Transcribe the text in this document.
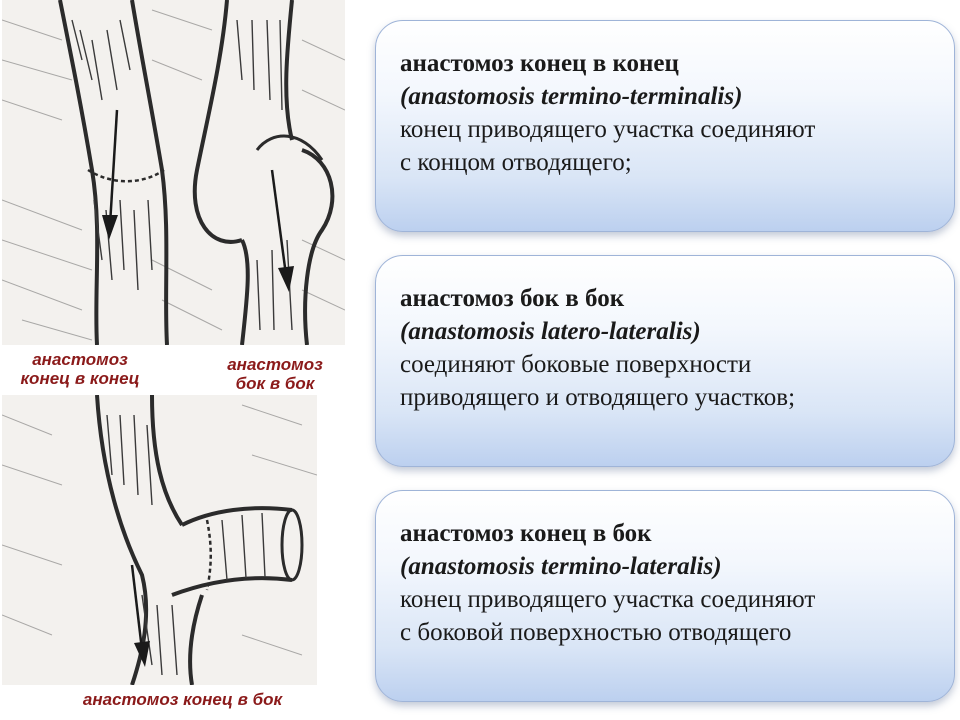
анастомоз
конец в конец
анастомоз
бок в бок
анастомоз конец в бок

анастомоз конец в конец

(anastomosis termino-terminalis)

конец приводящего участка соединяют

с концом отводящего;

анастомоз бок в бок

(anastomosis latero-lateralis)

соединяют боковые поверхности

приводящего и отводящего участков;

анастомоз конец в бок

(anastomosis termino-lateralis)

конец приводящего участка соединяют

с боковой поверхностью отводящего
